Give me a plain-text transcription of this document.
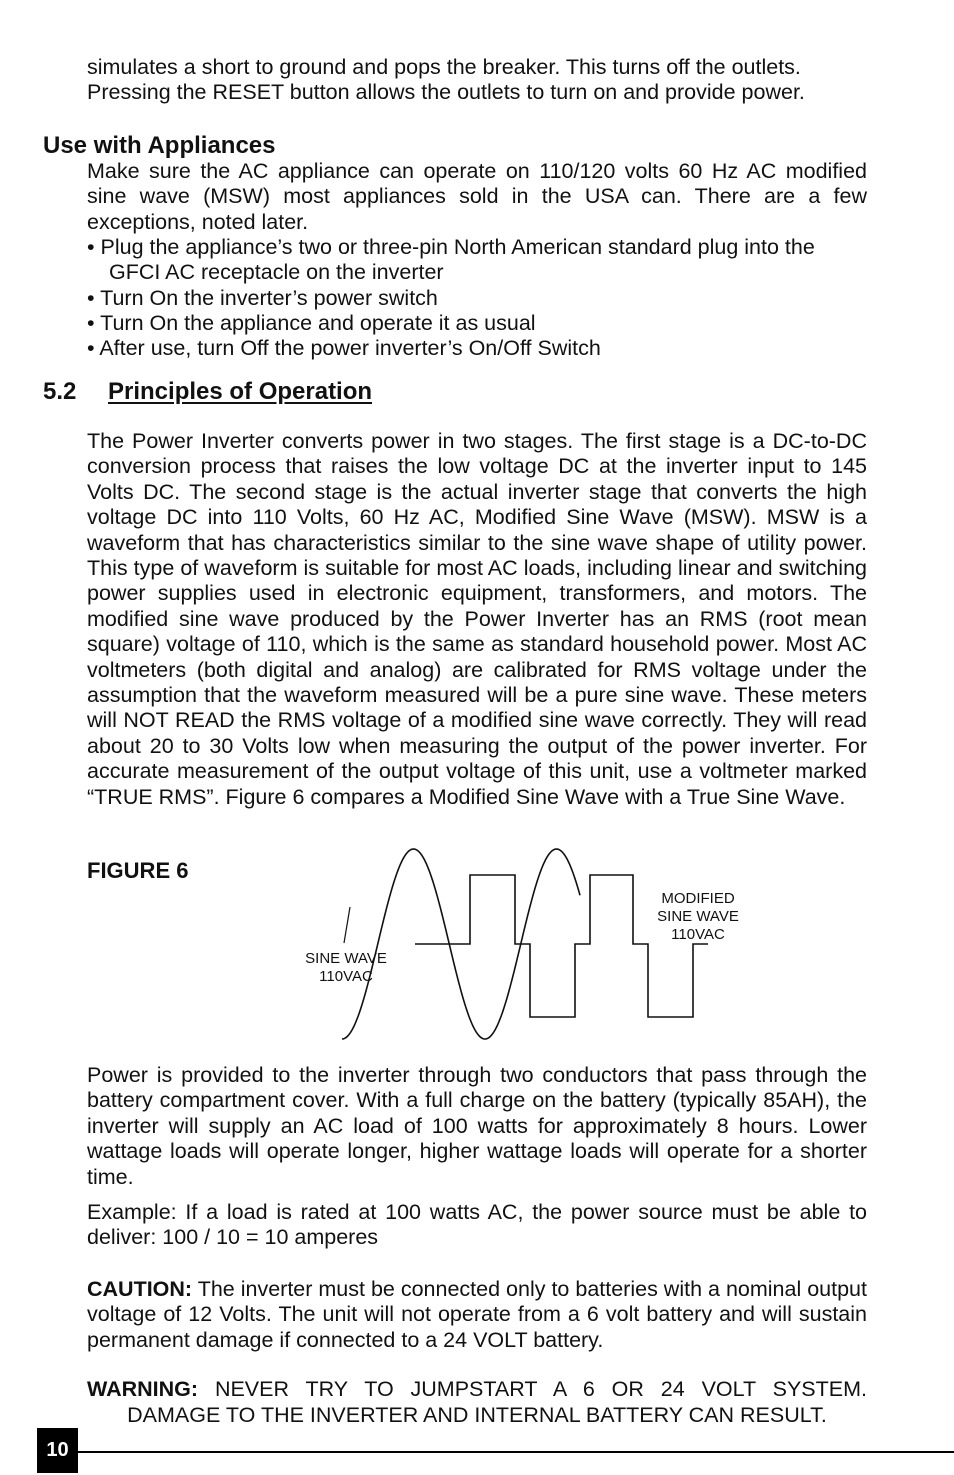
simulates a short to ground and pops the breaker. This turns off the outlets.

Pressing the RESET button allows the outlets to turn on and provide power.

Use with Appliances

Make sure the AC appliance can operate on 110/120 volts 60 Hz AC modified sine wave (MSW) most appliances sold in the USA can. There are a few exceptions, noted later.

• Plug the appliance’s two or three-pin North American standard plug into the GFCI AC receptacle on the inverter

• Turn On the inverter’s power switch

• Turn On the appliance and operate it as usual

• After use, turn Off the power inverter’s On/Off Switch

5.2 Principles of Operation

The Power Inverter converts power in two stages. The first stage is a DC-to-DC conversion process that raises the low voltage DC at the inverter input to 145 Volts DC. The second stage is the actual inverter stage that converts the high voltage DC into 110 Volts, 60 Hz AC, Modified Sine Wave (MSW). MSW is a waveform that has characteristics similar to the sine wave shape of utility power. This type of waveform is suitable for most AC loads, including linear and switching power supplies used in electronic equipment, transformers, and motors. The modified sine wave produced by the Power Inverter has an RMS (root mean square) voltage of 110, which is the same as standard household power. Most AC voltmeters (both digital and analog) are calibrated for RMS voltage under the assumption that the waveform measured will be a pure sine wave. These meters will NOT READ the RMS voltage of a modified sine wave correctly. They will read about 20 to 30 Volts low when measuring the output of the power inverter. For accurate measurement of the output voltage of this unit, use a voltmeter marked “TRUE RMS”. Figure 6 compares a Modified Sine Wave with a True Sine Wave.

FIGURE 6
SINE WAVE
110VAC
MODIFIED
SINE WAVE
110VAC

Power is provided to the inverter through two conductors that pass through the battery compartment cover. With a full charge on the battery (typically 85AH), the inverter will supply an AC load of 100 watts for approximately 8 hours. Lower wattage loads will operate longer, higher wattage loads will operate for a shorter time.

Example: If a load is rated at 100 watts AC, the power source must be able to deliver: 100 / 10 = 10 amperes

CAUTION: The inverter must be connected only to batteries with a nominal output voltage of 12 Volts. The unit will not operate from a 6 volt battery and will sustain permanent damage if connected to a 24 VOLT battery.

WARNING: NEVER TRY TO JUMPSTART A 6 OR 24 VOLT SYSTEM.

DAMAGE TO THE INVERTER AND INTERNAL BATTERY CAN RESULT.

10
